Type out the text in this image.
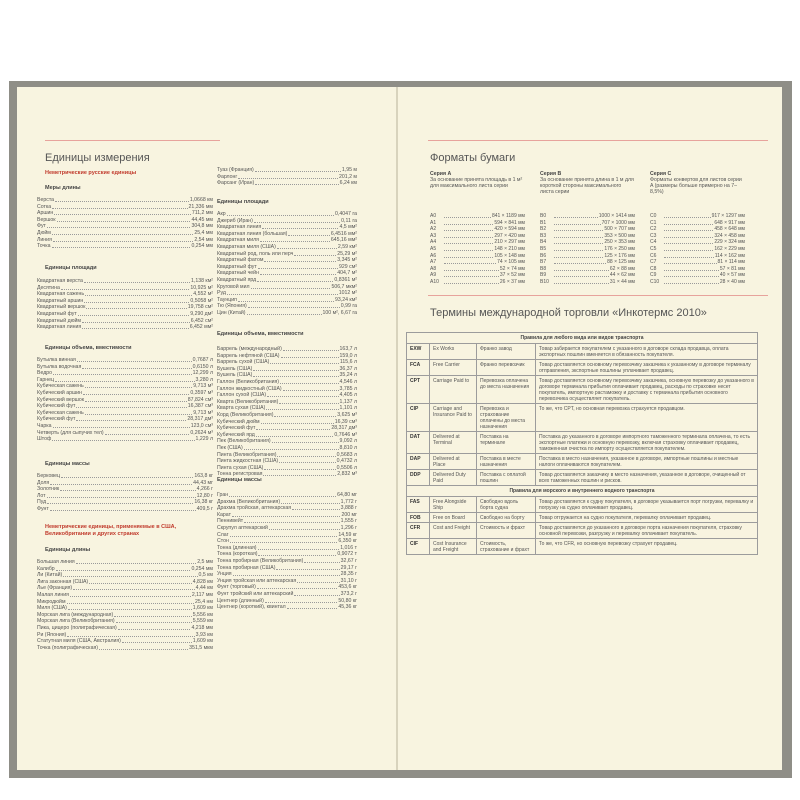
Единицы измерения
Неметрические русские единицы
Меры длины
Верста	1,0668 км
Сотка	21,336 мм
Аршин	711,2 мм
Вершок	44,45 мм
Фут	304,8 мм
Дюйм	25,4 мм
Линия	2,54 мм
Точка	0,254 мм
Единицы площади
Квадратная верста	1,138 км²
Десятина	10,925 м²
Квадратная сажень	4,552 м²
Квадратный аршин	0,5058 м²
Квадратный вершок	19,758 см²
Квадратный фут	9,290 дм²
Квадратный дюйм	6,452 см²
Квадратная линия	6,452 мм²
Единицы объема, вместимости
Бутылка винная	0,7687 л
Бутылка водочная	0,6150 л
Ведро	12,299 л
Гарнец	3,280 л
Кубическая сажень	9,713 м³
Кубический аршин	0,3597 м³
Кубический вершок	87,824 см³
Кубический фут	16,387 см³
Кубическая сажень	9,713 м³
Кубический фут	28,317 дм³
Чарка	123,0 см³
Четверть (для сыпучих тел)	0,2624 м³
Штоф	1,229 л
Единицы массы
Берковец	163,8 кг
Доля	44,43 мг
Золотник	4,266 г
Лот	12,80 г
Пуд	16,38 кг
Фунт	409,5 г
Неметрические единицы, применяемые в США, Великобритании и других странах
Единицы длины
Большая линия	2,5 мм
Калибр	0,254 мм
Ли (Китай)	0,5 км
Лига законная (США)	4,828 км
Лье (Франция)	4,44 км
Малая линия	2,117 мм
Микродюйм	25,4 нм
Миля (США)	1,609 км
Морская лига (международная)	5,556 км
Морская лига (Великобритания)	5,559 км
Пика, цицеро (полиграфическая)	4,218 мм
Ри (Япония)	3,93 км
Статутная миля (США, Австралия)	1,609 км
Точка (полиграфическая)	351,5 мкм
Туаз (Франция)	1,95 м
Фарлонг	201,2 м
Фарсанг (Иран)	6,24 км
Единицы площади
Акр	0,4047 га
Джериб (Иран)	0,11 га
Квадратная линия	4,5 мм²
Квадратная линия (большая)	6,4516 мм²
Квадратная миля	645,16 мм²
Квадратная миля (США)	2,59 км²
Квадратный род, поль или перч	25,29 м²
Квадратный фатом	3,345 м²
Квадратный фут	929 см²
Квадратный чейн	404,7 м²
Квадратный ярд	0,8361 м²
Круговой мил	506,7 мкм²
Руд	1012 м²
Таунцип	93,24 км²
Тю (Япония)	0,99 га
Цин (Китай)	100 м², 6,67 га
Единицы объема, вместимости
Баррель (международный)	163,7 л
Баррель нефтяной (США)	159,0 л
Баррель сухой (США)	115,6 л
Бушель (США)	36,37 л
Бушель (США)	35,24 л
Галлон (Великобритания)	4,546 л
Галлон жидкостный (США)	3,785 л
Галлон сухой (США)	4,405 л
Кварта (Великобритания)	1,137 л
Кварта сухая (США)	1,101 л
Корд (Великобритания)	3,625 м³
Кубический дюйм	16,39 см³
Кубический фут	28,317 дм³
Кубический ярд	0,7646 м³
Пек (Великобритания)	9,092 л
Пек (США)	8,810 л
Пинта (Великобритания)	0,5683 л
Пинта жидкостная (США)	0,4732 л
Пинта сухая (США)	0,5506 л
Тонна регистровая	2,832 м³
Единицы массы
Гран	64,80 мг
Драхма (Великобритания)	1,772 г
Драхма тройская, аптекарская	3,888 г
Карат	200 мг
Пеннивейт	1,555 г
Скрупул аптекарский	1,296 г
Слаг	14,59 кг
Стон	6,350 кг
Тонна (длинная)	1,016 т
Тонна (короткая)	0,9072 т
Тонна пробирная (Великобритания)	32,67 г
Тонна пробирная (США)	29,17 г
Унция	28,35 г
Унция тройская или аптекарская	31,10 г
Фунт (торговый)	453,6 кг
Фунт тройский или аптекарский	373,2 г
Центнер (длинный)	50,80 кг
Центнер (короткий), квинтал	45,36 кг
Форматы бумаги
Серия A
За основание принята площадь в 1 м² для максимального листа серии
A0	841 × 1189 мм
A1	594 × 841 мм
A2	420 × 594 мм
A3	297 × 420 мм
A4	210 × 297 мм
A5	148 × 210 мм
A6	105 × 148 мм
A7	74 × 105 мм
A8	52 × 74 мм
A9	37 × 52 мм
A10	26 × 37 мм
Серия B
За основание принята длина в 1 м для короткой стороны максимального листа серии
B0	1000 × 1414 мм
B1	707 × 1000 мм
B2	500 × 707 мм
B3	353 × 500 мм
B4	250 × 353 мм
B5	176 × 250 мм
B6	125 × 176 мм
B7	88 × 125 мм
B8	62 × 88 мм
B9	44 × 62 мм
B10	31 × 44 мм
Серия C
Форматы конвертов для листов серии A (размеры больше примерно на 7–8,5%)
C0	917 × 1297 мм
C1	648 × 917 мм
C2	458 × 648 мм
C3	324 × 458 мм
C4	229 × 324 мм
C5	162 × 229 мм
C6	114 × 162 мм
C7	81 × 114 мм
C8	57 × 81 мм
C9	40 × 57 мм
C10	28 × 40 мм
Термины международной торговли «Инкотермс 2010»
Правила для любого вида или видов транспорта			
EXW	Ex Works	Франко завод	Товар забирается покупателем с указанного в договоре склада продавца, оплата экспортных пошлин вменяется в обязанность покупателя.
FCA	Free Carrier	Франко перевозчик	Товар доставляется основному перевозчику заказчика к указанному в договоре терминалу отправления, экспортные пошлины уплачивает продавец.
CPT	Carriage Paid to	Перевозка оплачена до места назначения	Товар доставляется основному перевозчику заказчика, основную перевозку до указанного в договоре терминала прибытия оплачивает продавец, расходы по страховке несет покупатель, импортную растаможку и доставку с терминала прибытия основного перевозчика осуществляет покупатель.
CIP	Carriage and Insurance Paid to	Перевозка и страхование оплачены до места назначения	То же, что CPT, но основная перевозка страхуется продавцом.
DAT	Delivered at Terminal	Поставка на терминале	Поставка до указанного в договоре импортного таможенного терминала оплачена, то есть экспортные платежи и основную перевозку, включая страховку оплачивает продавец, таможенная очистка по импорту осуществляется покупателем.
DAP	Delivered at Place	Поставка в месте назначения	Поставка в место назначения, указанное в договоре, импортные пошлины и местные налоги оплачиваются покупателем.
DDP	Delivered Duty Paid	Поставка с оплатой пошлин	Товар доставляется заказчику в место назначения, указанное в договоре, очищенный от всех таможенных пошлин и рисков.
Правила для морского и внутреннего водного транспорта			
FAS	Free Alongside Ship	Свободно вдоль борта судна	Товар доставляется к судну покупателя, в договоре указывается порт погрузки, перевалку и погрузку на судно оплачивает продавец.
FOB	Free on Board	Свободно на борту	Товар отгружается на судно покупателя, перевалку оплачивает продавец.
CFR	Cost and Freight	Стоимость и фрахт	Товар доставляется до указанного в договоре порта назначения покупателя, страховку основной перевозки, разгрузку и перевалку оплачивает покупатель.
CIF	Cost Insurance and Freight	Стоимость, страхование и фрахт	То же, что CFR, но основную перевозку страхует продавец.
